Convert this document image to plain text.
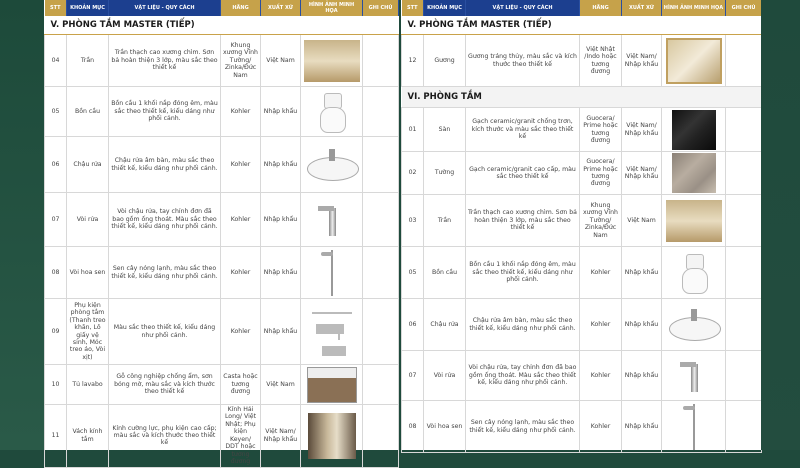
STT	KHOẢN MỤC	VẬT LIỆU - QUY CÁCH	HÃNG	XUẤT XỨ	HÌNH ẢNH MINH HỌA	GHI CHÚ
V. PHÒNG TẮM MASTER (TIẾP)						
04	Trần	Trần thạch cao xương chìm. Sơn bả hoàn thiện 3 lớp, màu sắc theo thiết kế	Khung xương Vĩnh Tường/ Zinka/Đức Nam	Việt Nam	

05	Bồn cầu	Bồn cầu 1 khối nắp đóng êm, màu sắc theo thiết kế, kiểu dáng như phối cảnh.	Kohler	Nhập khẩu	

06	Chậu rửa	Chậu rửa âm bàn, màu sắc theo thiết kế, kiểu dáng như phối cảnh.	Kohler	Nhập khẩu	

07	Vòi rửa	Vòi chậu rửa, tay chỉnh đơn đã bao gồm ống thoát. Màu sắc theo thiết kế, kiểu dáng như phối cảnh.	Kohler	Nhập khẩu	

08	Vòi hoa sen	Sen cây nóng lạnh, màu sắc theo thiết kế, kiểu dáng như phối cảnh.	Kohler	Nhập khẩu	

09	Phụ kiện phòng tắm (Thanh treo khăn, Lô giấy vệ sinh, Móc treo áo, Vòi xịt)	Màu sắc theo thiết kế, kiểu dáng như phối cảnh.	Kohler	Nhập khẩu	

10	Tủ lavabo	Gỗ công nghiệp chống ẩm, sơn bóng mờ, màu sắc và kích thước theo thiết kế	Casta hoặc tương đương	Việt Nam	

11	Vách kính tắm	Kính cường lực, phụ kiện cao cấp; màu sắc và kích thước theo thiết kế	Kính Hải Long/ Việt Nhật; Phụ kiện Keyen/ DDT hoặc tương đương	Việt Nam/ Nhập khẩu	

STT	KHOẢN MỤC	VẬT LIỆU - QUY CÁCH	HÃNG	XUẤT XỨ	HÌNH ẢNH MINH HỌA	GHI CHÚ
V. PHÒNG TẮM MASTER (TIẾP)						
12	Gương	Gương tráng thủy, màu sắc và kích thước theo thiết kế	Việt Nhật /Indo hoặc tương đương	Việt Nam/ Nhập khẩu	

VI. PHÒNG TẮM						
01	Sàn	Gạch ceramic/granit chống trơn, kích thước và màu sắc theo thiết kế	Guocera/ Prime hoặc tương đương	Việt Nam/ Nhập khẩu	

02	Tường	Gạch ceramic/granit cao cấp, màu sắc theo thiết kế	Guocera/ Prime hoặc tương đương	Việt Nam/ Nhập khẩu	

03	Trần	Trần thạch cao xương chìm. Sơn bả hoàn thiện 3 lớp, màu sắc theo thiết kế	Khung xương Vĩnh Tường/ Zinka/Đức Nam	Việt Nam	

05	Bồn cầu	Bồn cầu 1 khối nắp đóng êm, màu sắc theo thiết kế, kiểu dáng như phối cảnh.	Kohler	Nhập khẩu	

06	Chậu rửa	Chậu rửa âm bàn, màu sắc theo thiết kế, kiểu dáng như phối cảnh.	Kohler	Nhập khẩu	

07	Vòi rửa	Vòi chậu rửa, tay chỉnh đơn đã bao gồm ống thoát. Màu sắc theo thiết kế, kiểu dáng như phối cảnh.	Kohler	Nhập khẩu	

08	Vòi hoa sen	Sen cây nóng lạnh, màu sắc theo thiết kế, kiểu dáng như phối cảnh.	Kohler	Nhập khẩu	
